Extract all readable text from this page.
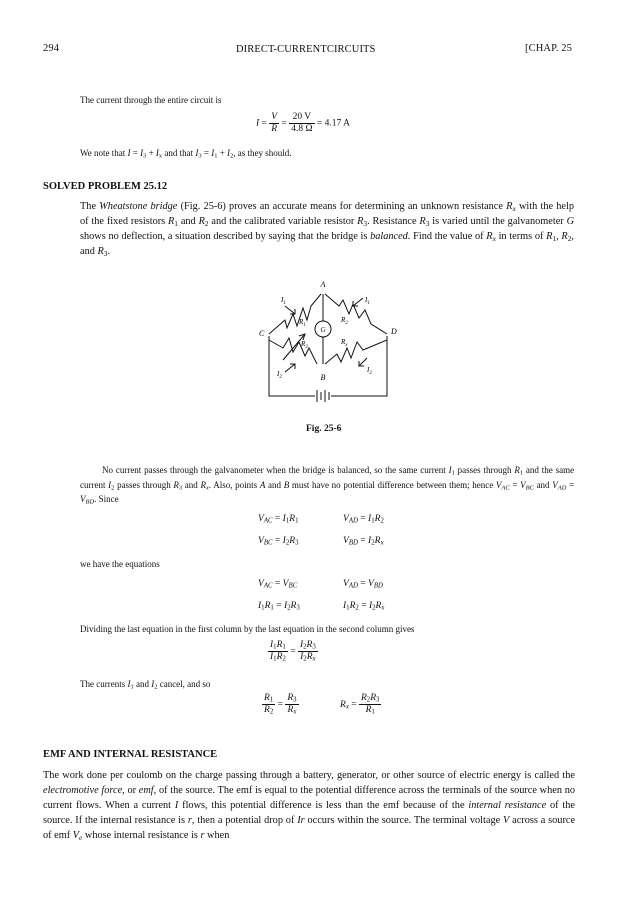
294	DIRECT-CURRENTCIRCUITS	[CHAP. 25
The current through the entire circuit is
$I = \frac{V}{R} = \frac{20 V}{4.8 \Omega} = 4.17$ A
We note that $I = I_3 + I_x$ and that $I_3 = I_1 + I_2$, as they should.
SOLVED PROBLEM 25.12
The Wheatstone bridge (Fig. 25-6) proves an accurate means for determining an unknown resistance $R_x$ with the help of the fixed resistors $R_1$ and $R_2$ and the calibrated variable resistor $R_3$. Resistance $R_3$ is varied until the galvanometer G shows no deflection, a situation described by saying that the bridge is balanced. Find the value of $R_x$ in terms of $R_1$, $R_2$, and $R_3$.
A
B
C	D
G
$R_1$
$R_2$
$R_3$
$R_x$
$I_1$	$I_1$
$I_2$
$I_2$
Fig. 25-6
No current passes through the galvanometer when the bridge is balanced, so the same current $I_1$ passes through $R_1$ and the same current $I_2$ passes through $R_3$ and $R_x$. Also, points A and B must have no potential difference between them; hence $V_{AC} = V_{BC}$ and $V_{AD} = V_{BD}$. Since
$V_{AC} = I_1R_1$	$V_{AD} = I_1R_2$
$V_{BC} = I_2R_3$	$V_{BD} = I_2R_x$
we have the equations
$V_{AC} = V_{BC}$	$V_{AD} = V_{BD}$
$I_1R_1 = I_2R_3$	$I_1R_2 = I_2R_x$
Dividing the last equation in the first column by the last equation in the second column gives
$\frac{I_1R_1}{I_1R_2} = \frac{I_2R_3}{I_2R_x}$
The currents $I_1$ and $I_2$ cancel, and so
$\frac{R_1}{R_2} = \frac{R_3}{R_x}$	$R_x = \frac{R_2R_3}{R_1}$
EMF AND INTERNAL RESISTANCE
The work done per coulomb on the charge passing through a battery, generator, or other source of electric energy is called the electromotive force, or emf, of the source. The emf is equal to the potential difference across the terminals of the source when no current flows. When a current I flows, this potential difference is less than the emf because of the internal resistance of the source. If the internal resistance is r, then a potential drop of Ir occurs within the source. The terminal voltage V across a source of emf $V_e$ whose internal resistance is r when
